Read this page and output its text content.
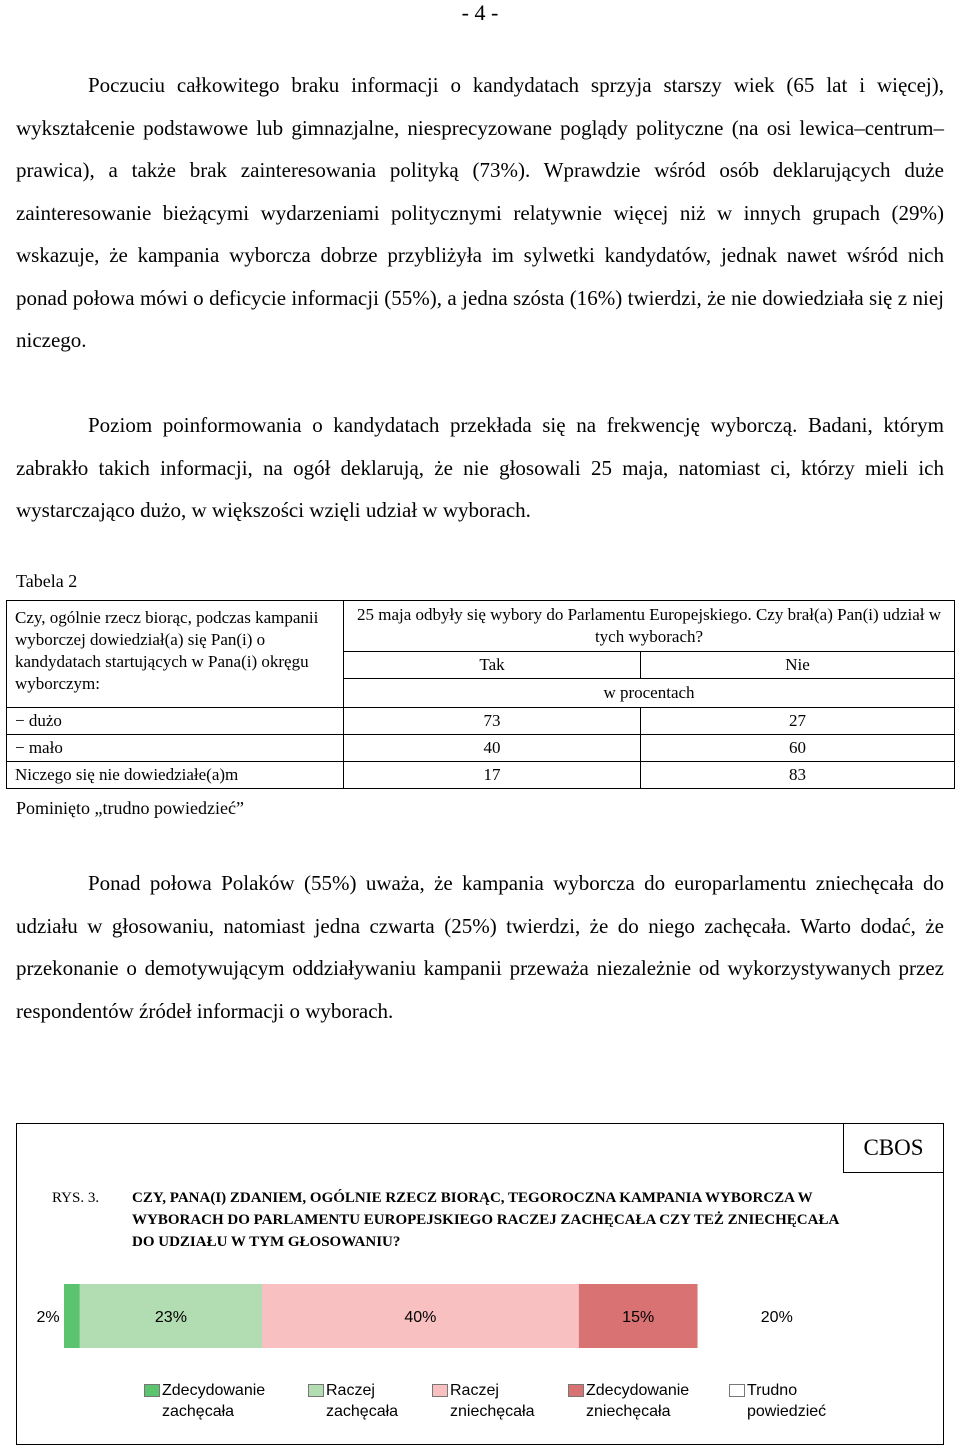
- 4 -

Poczuciu całkowitego braku informacji o kandydatach sprzyja starszy wiek (65 lat i więcej), wykształcenie podstawowe lub gimnazjalne, niesprecyzowane poglądy polityczne (na osi lewica–centrum–prawica), a także brak zainteresowania polityką (73%). Wprawdzie wśród osób deklarujących duże zainteresowanie bieżącymi wydarzeniami politycznymi relatywnie więcej niż w innych grupach (29%) wskazuje, że kampania wyborcza dobrze przybliżyła im sylwetki kandydatów, jednak nawet wśród nich ponad połowa mówi o deficycie informacji (55%), a jedna szósta (16%) twierdzi, że nie dowiedziała się z niej niczego.

Poziom poinformowania o kandydatach przekłada się na frekwencję wyborczą. Badani, którym zabrakło takich informacji, na ogół deklarują, że nie głosowali 25 maja, natomiast ci, którzy mieli ich wystarczająco dużo, w większości wzięli udział w wyborach.

Tabela 2
Czy, ogólnie rzecz biorąc, podczas kampanii wyborczej dowiedział(a) się Pan(i) o kandydatach startujących w Pana(i) okręgu wyborczym:	25 maja odbyły się wybory do Parlamentu Europejskiego. Czy brał(a) Pan(i) udział w tych wyborach?	
	Tak	Nie
	w procentach	
− dużo	73	27
− mało	40	60
Niczego się nie dowiedziałe(a)m	17	83
Pominięto „trudno powiedzieć”

Ponad połowa Polaków (55%) uważa, że kampania wyborcza do europarlamentu zniechęcała do udziału w głosowaniu, natomiast jedna czwarta (25%) twierdzi, że do niego zachęcała. Warto dodać, że przekonanie o demotywującym oddziaływaniu kampanii przeważa niezależnie od wykorzystywanych przez respondentów źródeł informacji o wyborach.

CBOS
RYS. 3. CZY, PANA(I) ZDANIEM, OGÓLNIE RZECZ BIORĄC, TEGOROCZNA KAMPANIA WYBORCZA W WYBORACH DO PARLAMENTU EUROPEJSKIEGO RACZEJ ZACHĘCAŁA CZY TEŻ ZNIECHĘCAŁA DO UDZIAŁU W TYM GŁOSOWANIU?
2%	23%	40%	15%	20%
Zdecydowanie
zachęcała
Raczej
zachęcała
Raczej
zniechęcała
Zdecydowanie
zniechęcała
Trudno
powiedzieć
